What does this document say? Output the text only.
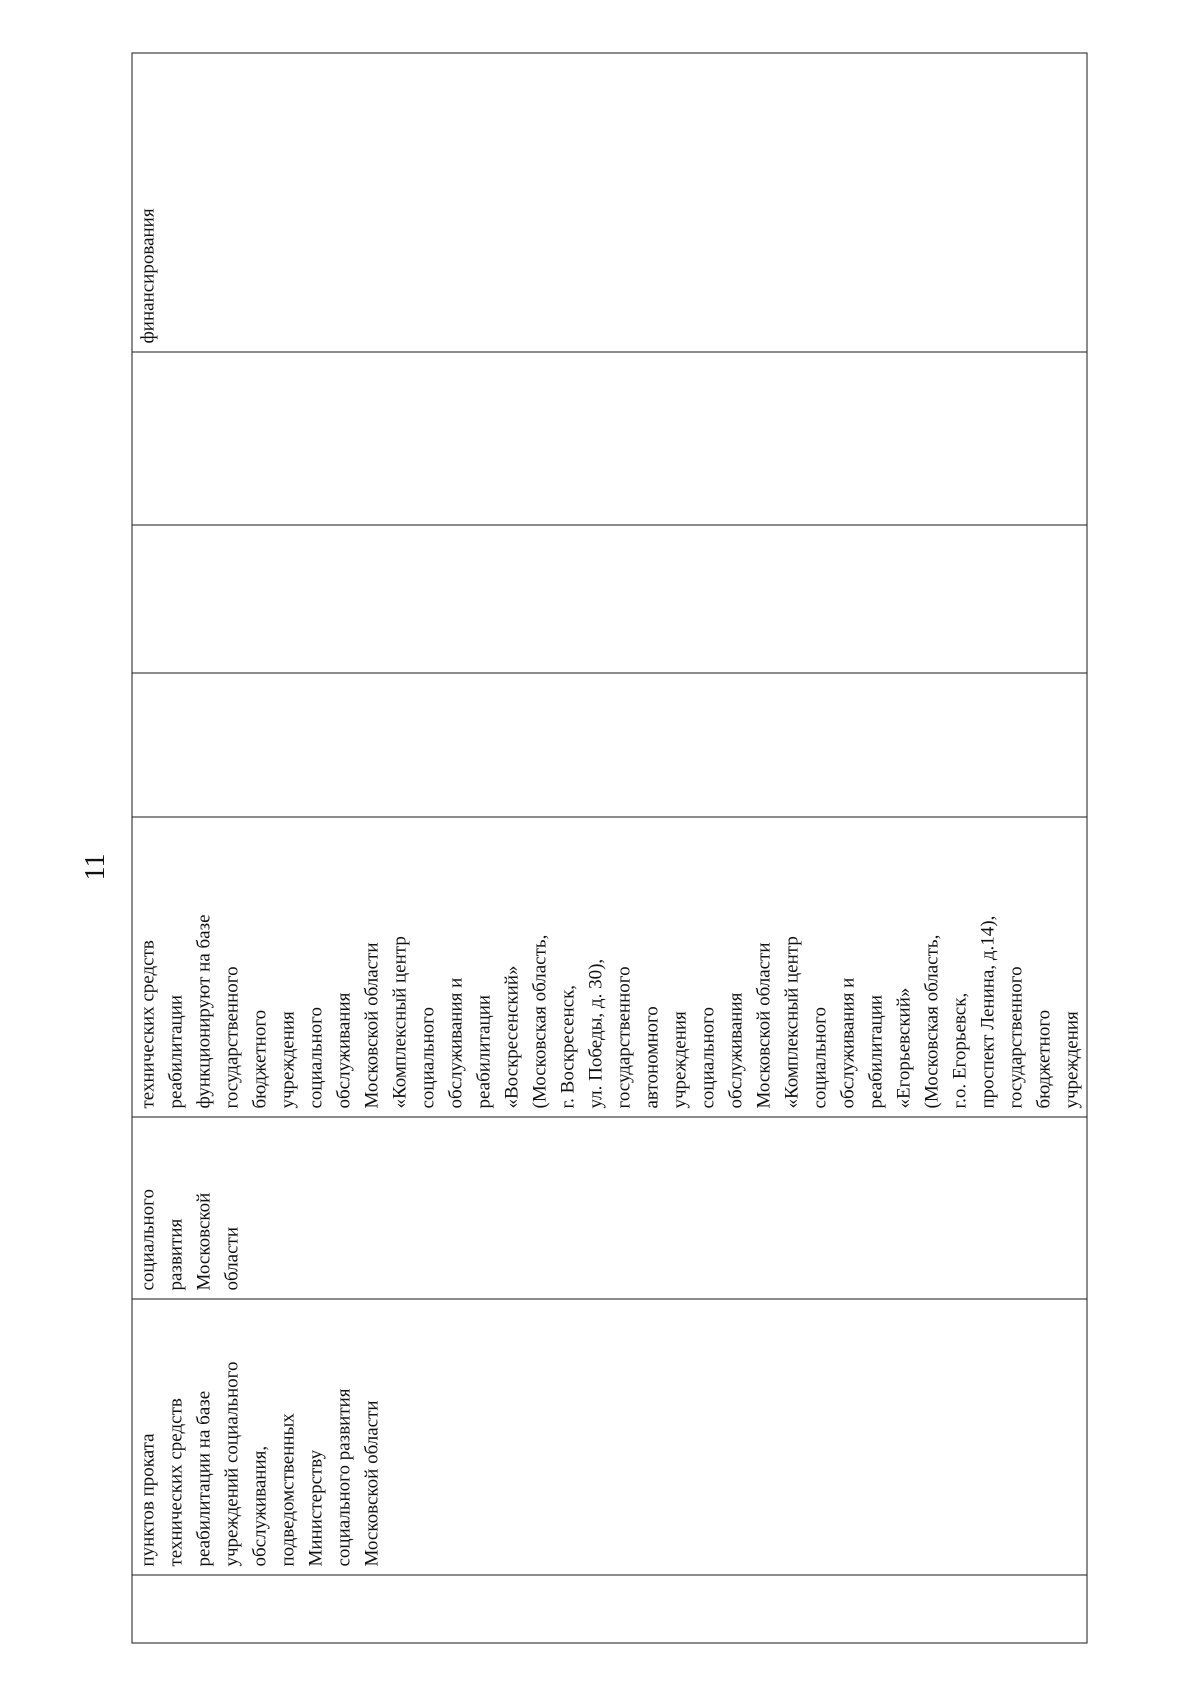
11
	пунктов проката
технических средств
реабилитации на базе
учреждений социального
обслуживания,
подведомственных
Министерству
социального развития
Московской области	социального
развития
Московской
области	технических средств
реабилитации
функционируют на базе
государственного
бюджетного
учреждения
социального
обслуживания
Московской области
«Комплексный центр
социального
обслуживания и
реабилитации
«Воскресенский»
(Московская область,
г. Воскресенск,
ул. Победы, д. 30),
государственного
автономного
учреждения
социального
обслуживания
Московской области
«Комплексный центр
социального
обслуживания и
реабилитации
«Егорьевский»
(Московская область,
г.о. Егорьевск,
проспект Ленина, д.14),
государственного
бюджетного
учреждения				финансирования
